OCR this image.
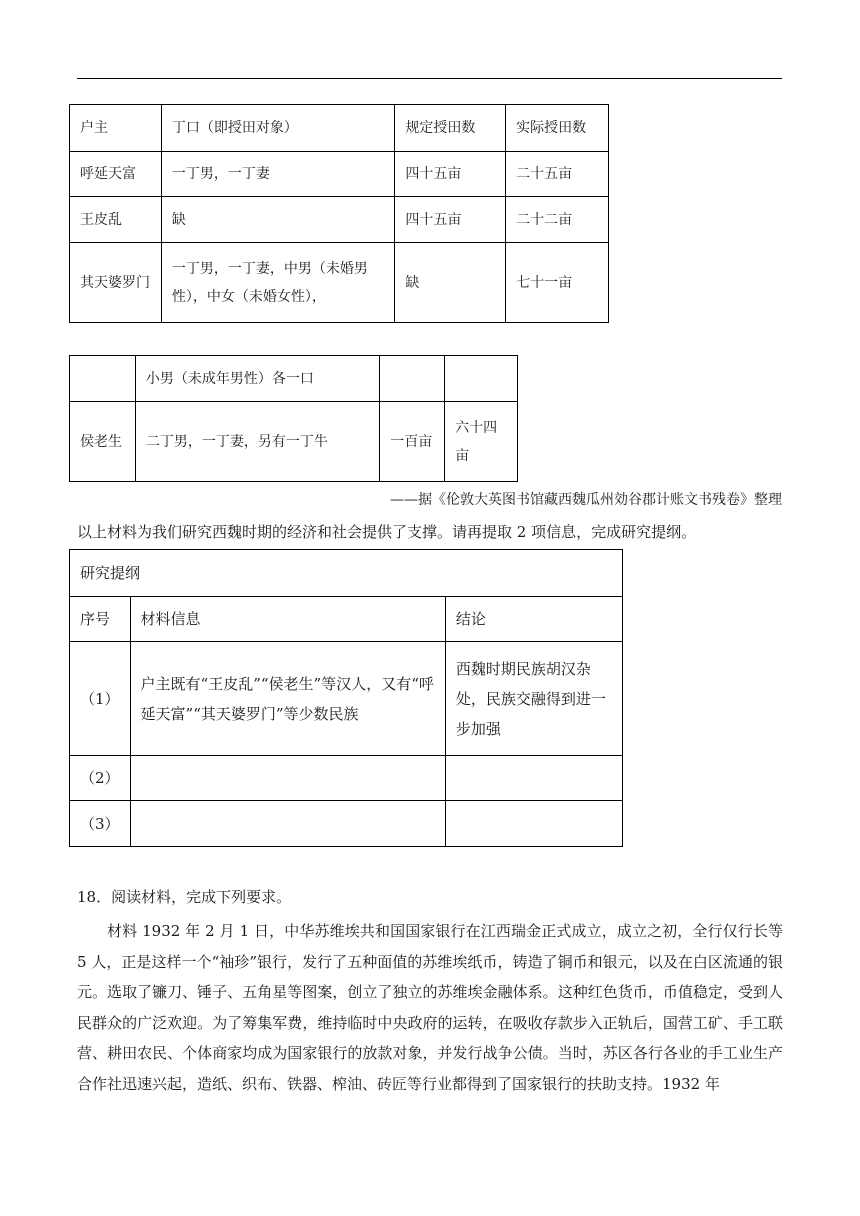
户主	丁口（即授田对象）	规定授田数	实际授田数
呼延天富	一丁男，一丁妻	四十五亩	二十五亩
王皮乱	缺	四十五亩	二十二亩
其天婆罗门	一丁男，一丁妻，中男（未婚男性），中女（未婚女性），	缺	七十一亩
	小男（未成年男性）各一口		
侯老生	二丁男，一丁妻，另有一丁牛	一百亩	六十四亩
——据《伦敦大英图书馆藏西魏瓜州効谷郡计账文书残卷》整理
以上材料为我们研究西魏时期的经济和社会提供了支撑。请再提取 2 项信息，完成研究提纲。
研究提纲		
序号	材料信息	结论
（1）	户主既有“王皮乱”“侯老生”等汉人，又有“呼延天富”“其天婆罗门”等少数民族	西魏时期民族胡汉杂处，民族交融得到进一步加强
（2）		
（3）		
18．阅读材料，完成下列要求。
材料 1932 年 2 月 1 日，中华苏维埃共和国国家银行在江西瑞金正式成立，成立之初，全行仅行长等 5 人，正是这样一个“袖珍”银行，发行了五种面值的苏维埃纸币，铸造了铜币和银元，以及在白区流通的银元。选取了镰刀、锤子、五角星等图案，创立了独立的苏维埃金融体系。这种红色货币，币值稳定，受到人民群众的广泛欢迎。为了筹集军费，维持临时中央政府的运转，在吸收存款步入正轨后，国营工矿、手工联营、耕田农民、个体商家均成为国家银行的放款对象，并发行战争公债。当时，苏区各行各业的手工业生产合作社迅速兴起，造纸、织布、铁器、榨油、砖匠等行业都得到了国家银行的扶助支持。1932 年
